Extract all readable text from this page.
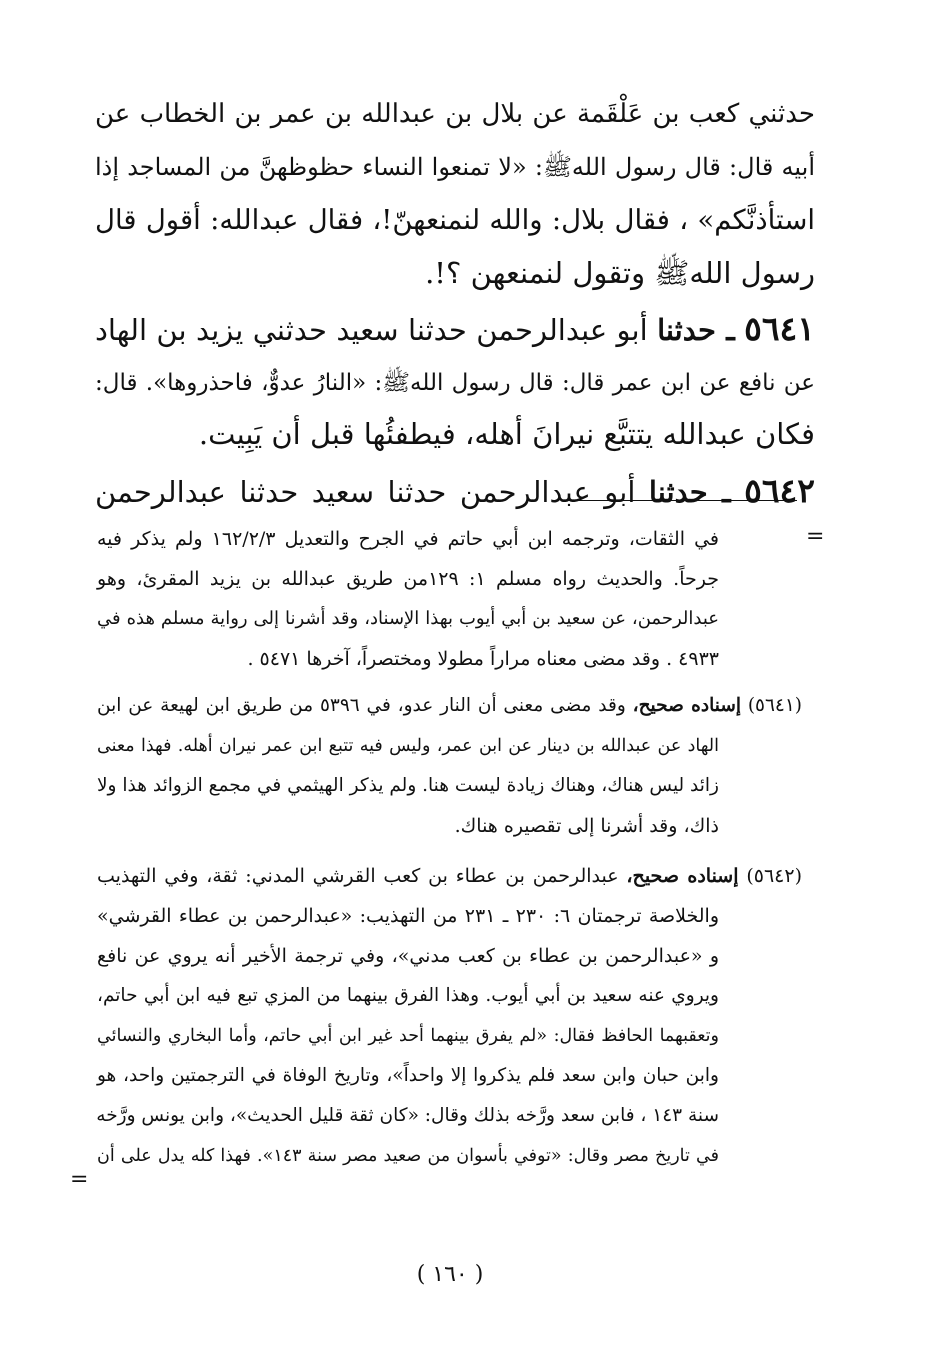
حدثني كعب بن عَلْقَمة عن بلال بن عبدالله بن عمر بن الخطاب عن
أبيه قال: قال رسول اللهﷺ: «لا تمنعوا النساء حظوظهنَّ من المساجد إذا
استأذنَّكم» ، فقال بلال: والله لنمنعهنّ!، فقال عبدالله: أقول قال
رسول اللهﷺ وتقول لنمنعهن ؟!.
٥٦٤١ ـ حدثنا أبو عبدالرحمن حدثنا سعيد حدثني يزيد بن الهاد
عن نافع عن ابن عمر قال: قال رسول اللهﷺ: «النارُ عدوٌّ، فاحذروها». قال:
فكان عبدالله يتتبَّع نيرانَ أهله، فيطفئُها قبل أن يَبِيت.
٥٦٤٢ ـ حدثنا أبو عبدالرحمن حدثنا سعيد حدثنا عبدالرحمن
=
في الثقات، وترجمه ابن أبي حاتم في الجرح والتعديل ١٦٢/٢/٣ ولم يذكر فيه
جرحاً. والحديث رواه مسلم ١: ١٢٩من طريق عبدالله بن يزيد المقرئ، وهو
عبدالرحمن، عن سعيد بن أبي أيوب بهذا الإسناد، وقد أشرنا إلى رواية مسلم هذه في
٤٩٣٣ . وقد مضى معناه مراراً مطولا ومختصراً، آخرها ٥٤٧١ .
(٥٦٤١) إسناده صحيح، وقد مضى معنى أن النار عدو، في ٥٣٩٦ من طريق ابن لهيعة عن ابن
الهاد عن عبدالله بن دينار عن ابن عمر، وليس فيه تتبع ابن عمر نيران أهله. فهذا معنى
زائد ليس هناك، وهناك زيادة ليست هنا. ولم يذكر الهيثمي في مجمع الزوائد هذا ولا
ذاك، وقد أشرنا إلى تقصيره هناك.
(٥٦٤٢) إسناده صحيح، عبدالرحمن بن عطاء بن كعب القرشي المدني: ثقة، وفي التهذيب
والخلاصة ترجمتان ٦: ٢٣٠ ـ ٢٣١ من التهذيب: «عبدالرحمن بن عطاء القرشي»
و «عبدالرحمن بن عطاء بن كعب مدني»، وفي ترجمة الأخير أنه يروي عن نافع
ويروي عنه سعيد بن أبي أيوب. وهذا الفرق بينهما من المزي تبع فيه ابن أبي حاتم،
وتعقبهما الحافظ فقال: «لم يفرق بينهما أحد غير ابن أبي حاتم، وأما البخاري والنسائي
وابن حبان وابن سعد فلم يذكروا إلا واحداً»، وتاريخ الوفاة في الترجمتين واحد، هو
سنة ١٤٣ ، فابن سعد ورَّخه بذلك وقال: «كان ثقة قليل الحديث»، وابن يونس ورَّخه
في تاريخ مصر وقال: «توفي بأسوان من صعيد مصر سنة ١٤٣». فهذا كله يدل على أن
=
( ١٦٠ )
